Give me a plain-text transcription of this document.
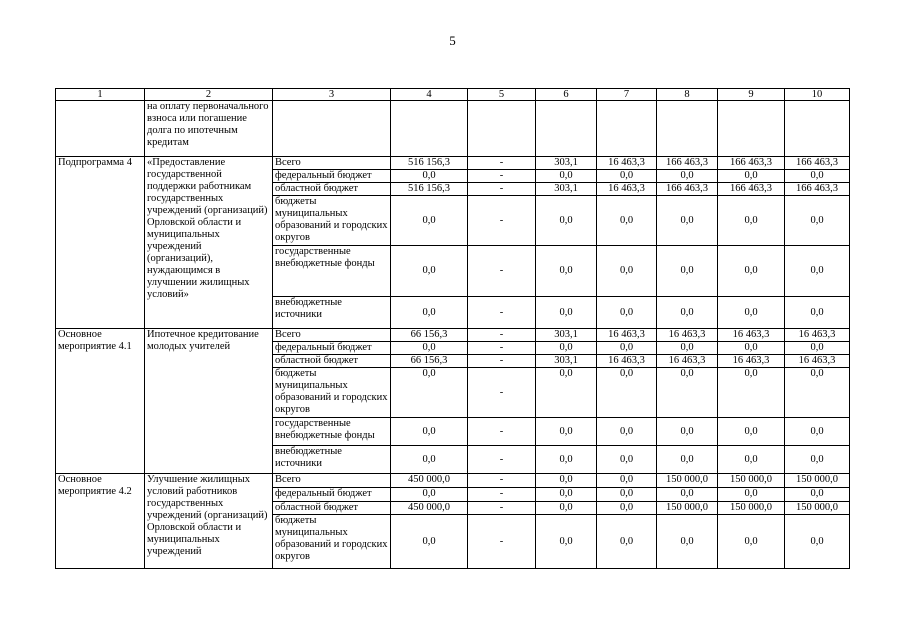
5
1	2	3	4	5	6	7	8	9	10
	на оплату первоначального взноса или погашение долга по ипотечным кредитам								
Подпрограмма 4	«Предоставление государственной поддержки работникам государственных учреждений (организаций) Орловской области и муниципальных учреждений (организаций), нуждающимся в улучшении жилищных условий»	Всего	516 156,3	-	303,1	16 463,3	166 463,3	166 463,3	166 463,3
		федеральный бюджет	0,0	-	0,0	0,0	0,0	0,0	0,0
		областной бюджет	516 156,3	-	303,1	16 463,3	166 463,3	166 463,3	166 463,3
		бюджеты муниципальных образований и городских округов	0,0	-	0,0	0,0	0,0	0,0	0,0
		государственные внебюджетные фонды	0,0	-	0,0	0,0	0,0	0,0	0,0
		внебюджетные источники	0,0	-	0,0	0,0	0,0	0,0	0,0
Основное мероприятие 4.1	Ипотечное кредитование молодых учителей	Всего	66 156,3	-	303,1	16 463,3	16 463,3	16 463,3	16 463,3
		федеральный бюджет	0,0	-	0,0	0,0	0,0	0,0	0,0
		областной бюджет	66 156,3	-	303,1	16 463,3	16 463,3	16 463,3	16 463,3
		бюджеты муниципальных образований и городских округов	0,0	-	0,0	0,0	0,0	0,0	0,0
		государственные внебюджетные фонды	0,0	-	0,0	0,0	0,0	0,0	0,0
		внебюджетные источники	0,0	-	0,0	0,0	0,0	0,0	0,0
Основное мероприятие 4.2	Улучшение жилищных условий работников государственных учреждений (организаций) Орловской области и муниципальных учреждений	Всего	450 000,0	-	0,0	0,0	150 000,0	150 000,0	150 000,0
		федеральный бюджет	0,0	-	0,0	0,0	0,0	0,0	0,0
		областной бюджет	450 000,0	-	0,0	0,0	150 000,0	150 000,0	150 000,0
		бюджеты муниципальных образований и городских округов	0,0	-	0,0	0,0	0,0	0,0	0,0
